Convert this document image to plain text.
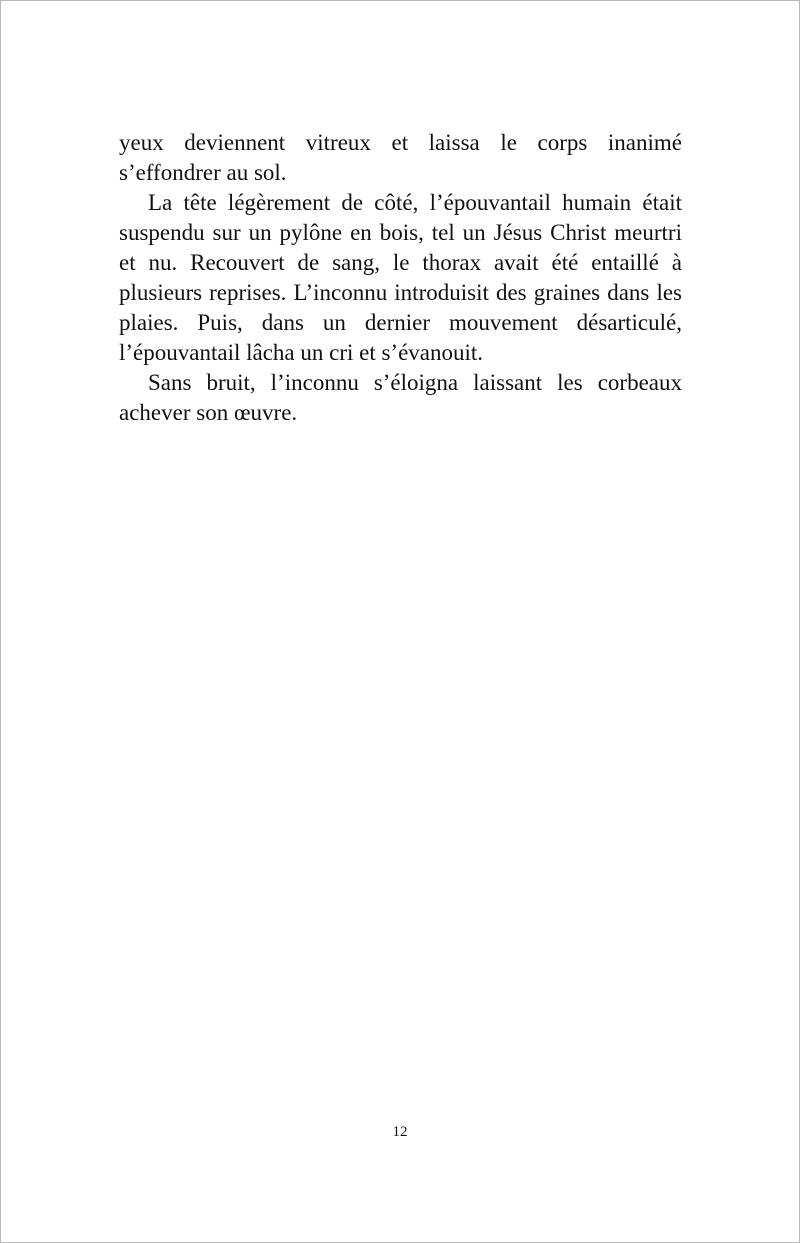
yeux deviennent vitreux et laissa le corps inanimé s’effondrer au sol.

La tête légèrement de côté, l’épouvantail humain était suspendu sur un pylône en bois, tel un Jésus Christ meurtri et nu. Recouvert de sang, le thorax avait été entaillé à plusieurs reprises. L’inconnu introduisit des graines dans les plaies. Puis, dans un dernier mouvement désarticulé, l’épouvantail lâcha un cri et s’évanouit.

Sans bruit, l’inconnu s’éloigna laissant les corbeaux achever son œuvre.

12
